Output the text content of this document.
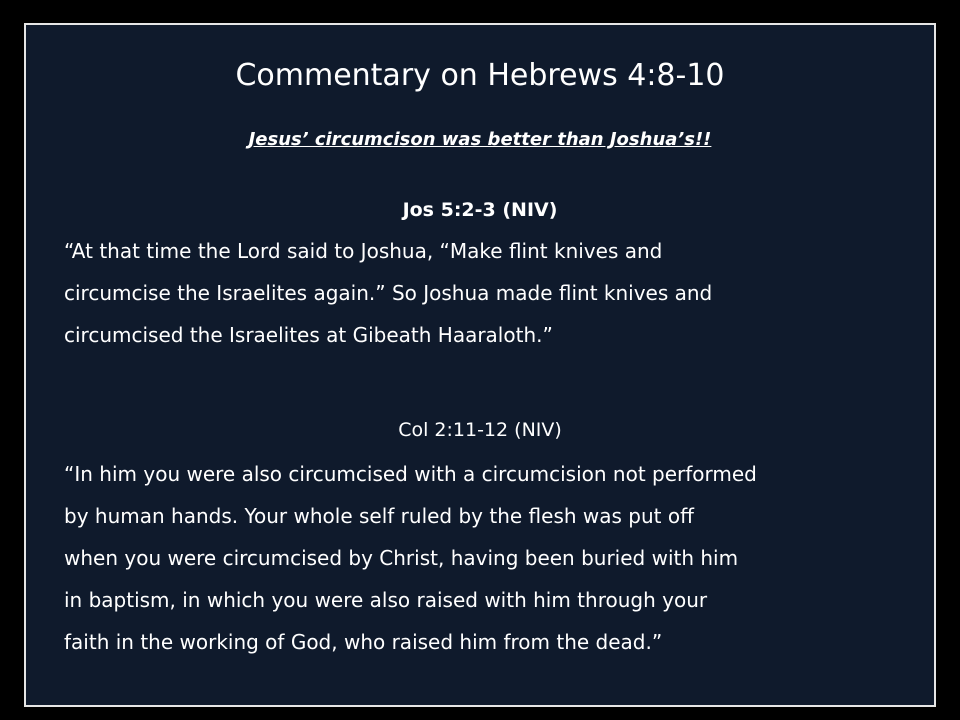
Commentary on Hebrews 4:8-10
Jesus’ circumcison was better than Joshua’s!!
Jos 5:2-3 (NIV)

“At that time the Lord said to Joshua, “Make flint knives and
circumcise the Israelites again.” So Joshua made flint knives and
circumcised the Israelites at Gibeath Haaraloth.”

Col 2:11-12 (NIV)

“In him you were also circumcised with a circumcision not performed
by human hands. Your whole self ruled by the flesh was put off
when you were circumcised by Christ, having been buried with him
in baptism, in which you were also raised with him through your
faith in the working of God, who raised him from the dead.”
